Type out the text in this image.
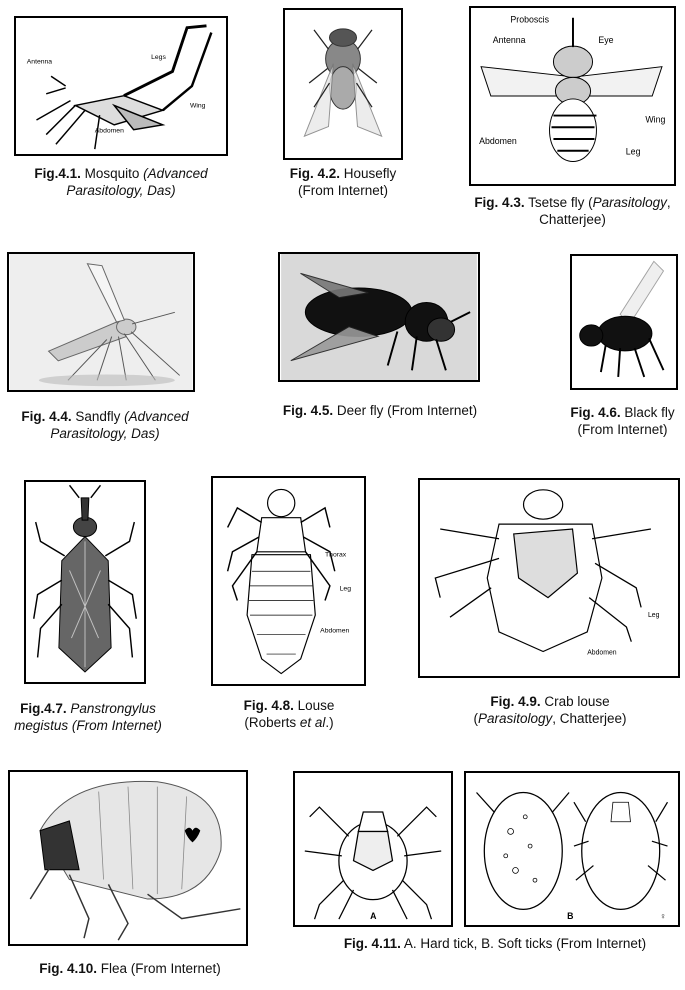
Antenna
Legs
Wing
Abdomen
Fig.4.1. Mosquito (Advanced Parasitology, Das)
Fig. 4.2. Housefly
(From Internet)
Proboscis
Antenna	Eye
Wing
Abdomen
Leg
Fig. 4.3. Tsetse fly (Parasitology,
Chatterjee)
Fig. 4.4. Sandfly (Advanced
Parasitology, Das)
Fig. 4.5. Deer fly (From Internet)	Fig. 4.6. Black fly
(From Internet)
Fig.4.7. Panstrongylus
megistus (From Internet)
Thorax
Leg
Abdomen
Fig. 4.8. Louse
(Roberts et al.)
Leg
Abdomen
Fig. 4.9. Crab louse
(Parasitology, Chatterjee)
Fig. 4.10. Flea (From Internet)
A	B	♀
Fig. 4.11. A. Hard tick, B. Soft ticks (From Internet)
